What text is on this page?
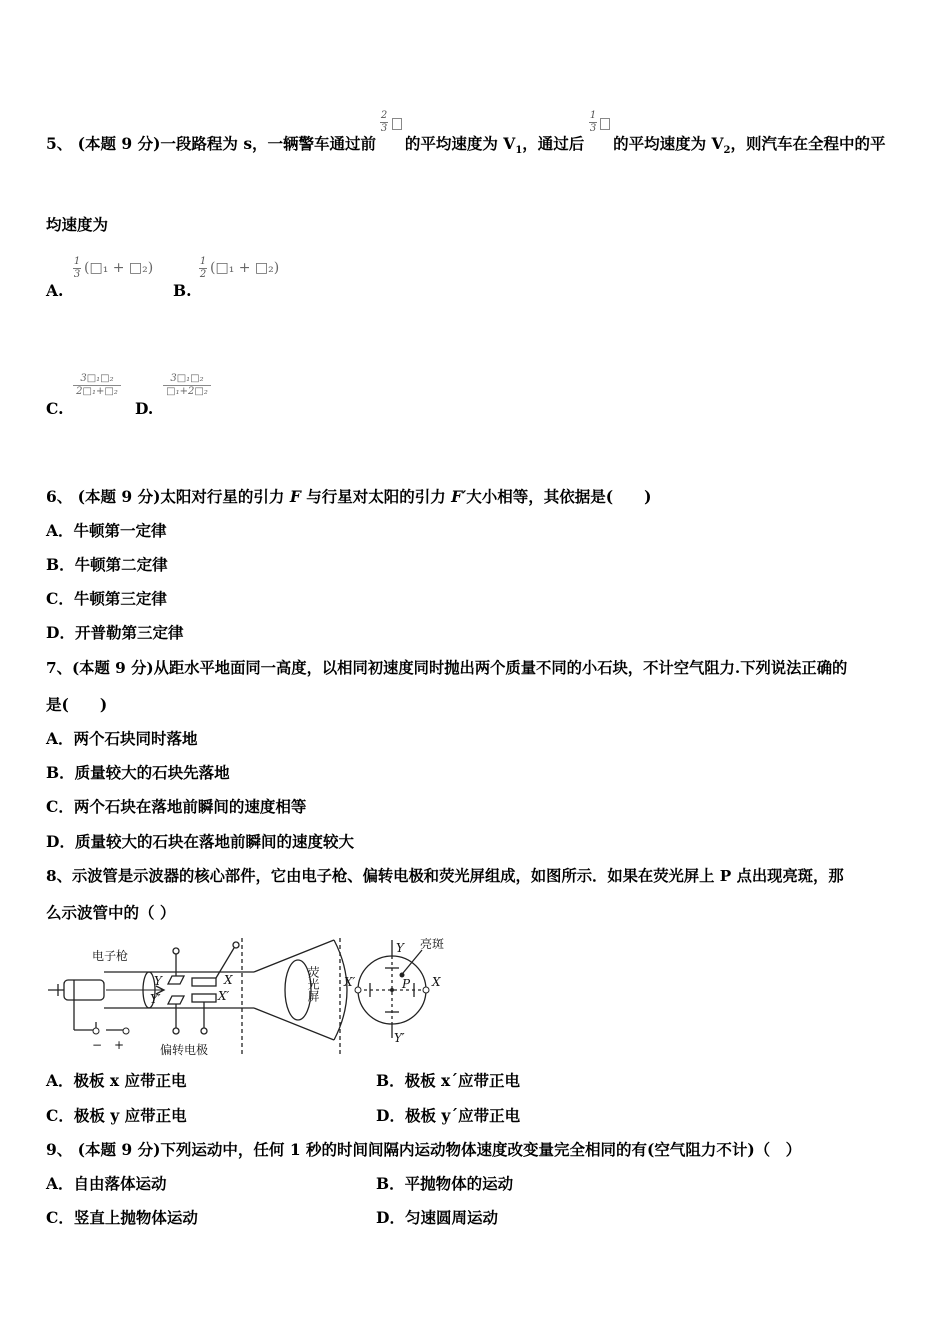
2
3
1
3
5、 (本题 9 分)一段路程为 s，一辆警车通过前 的平均速度为 $V_1$，通过后 的平均速度为 $V_2$，则汽车在全程中的平
均速度为
A.
1
3 (□₁ + □₂)
B.
1
2 (□₁ + □₂)
C.
$\frac{\text{3□₁□₂}}{\text{2□₁+□₂}}$
D.
$\frac{\text{3□₁□₂}}{\text{□₁+2□₂}}$
6、 (本题 9 分)太阳对行星的引力 F 与行星对太阳的引力 F′大小相等，其依据是(　　)
A．牛顿第一定律
B．牛顿第二定律
C．牛顿第三定律
D．开普勒第三定律
7、(本题 9 分)从距水平地面同一高度，以相同初速度同时抛出两个质量不同的小石块，不计空气阻力.下列说法正确的
是(　　)
A．两个石块同时落地
B．质量较大的石块先落地
C．两个石块在落地前瞬间的速度相等
D．质量较大的石块在落地前瞬间的速度较大
8、示波管是示波器的核心部件，它由电子枪、偏转电极和荧光屏组成，如图所示．如果在荧光屏上 P 点出现亮斑，那
么示波管中的（ ）
电子枪
− +	偏转电极
亮斑
荧光屏
Y
Y′
X
X′
Y
Y′
X′	X
P
A．极板 x 应带正电	B．极板 x´应带正电
C．极板 y 应带正电	D．极板 y´应带正电
9、 (本题 9 分)下列运动中，任何 1 秒的时间间隔内运动物体速度改变量完全相同的有(空气阻力不计)（　）
A．自由落体运动	B．平抛物体的运动
C．竖直上抛物体运动	D．匀速圆周运动
